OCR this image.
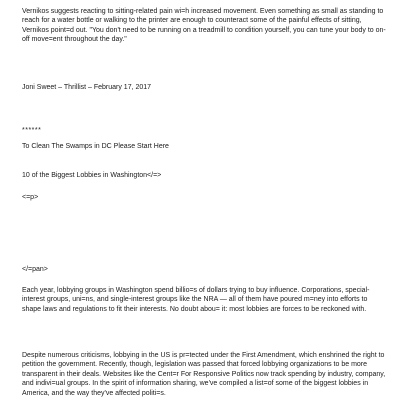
Vernikos suggests reacting to sitting-related pain wi=h increased movement. Even something as small as standing to reach for a water bottle or walking to the printer are enough to counteract some of the painful effects of sitting, Vernikos point=d out. "You don't need to be running on a treadmill to condition yourself, you can tune your body to on-off move=ent throughout the day."
Joni Sweet – Thrillist – February 17, 2017
******
To Clean The Swamps in DC Please Start Here
10 of the Biggest Lobbies in Washington</=>
<=p>
</=pan>
Each year, lobbying groups in Washington spend billio=s of dollars trying to buy influence. Corporations, special-interest groups, uni=ns, and single-interest groups like the NRA — all of them have poured m=ney into efforts to shape laws and regulations to fit their interests. No doubt abou= it: most lobbies are forces to be reckoned with.
Despite numerous criticisms, lobbying in the US is pr=tected under the First Amendment, which enshrined the right to petition the government. Recently, though, legislation was passed that forced lobbying organizations to be more transparent in their deals. Websites like the Cent=r For Responsive Politics now track spending by industry, company, and indivi=ual groups. In the spirit of information sharing, we've compiled a list=of some of the biggest lobbies in America, and the way they've affected politi=s.
